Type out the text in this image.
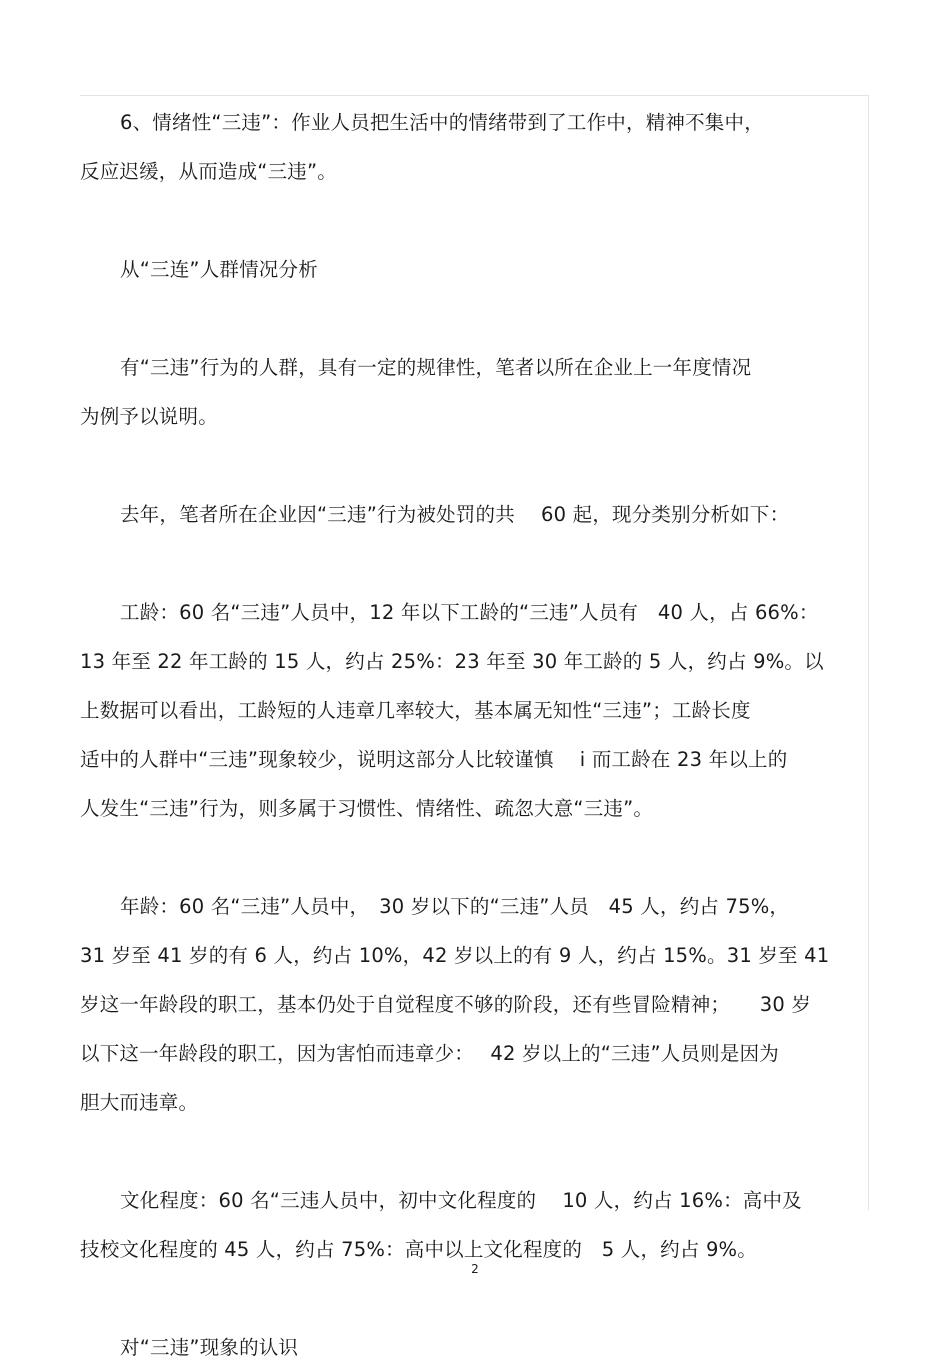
6、情绪性“三违”：作业人员把生活中的情绪带到了工作中，精神不集中，
反应迟缓，从而造成“三违”。
从“三连”人群情况分析
有“三违”行为的人群，具有一定的规律性，笔者以所在企业上一年度情况
为例予以说明。
去年，笔者所在企业因“三违”行为被处罚的共　 60 起，现分类别分析如下：
工龄：60 名“三违”人员中，12 年以下工龄的“三违”人员有　40 人，占 66%：
13 年至 22 年工龄的 15 人，约占 25%：23 年至 30 年工龄的 5 人，约占 9%。以
上数据可以看出，工龄短的人违章几率较大，基本属无知性“三违”；工龄长度
适中的人群中“三违”现象较少，说明这部分人比较谨慎　 i 而工龄在 23 年以上的
人发生“三违”行为，则多属于习惯性、情绪性、疏忽大意“三违”。
年龄：60 名“三违”人员中，　30 岁以下的“三违”人员　45 人，约占 75%，
31 岁至 41 岁的有 6 人，约占 10%，42 岁以上的有 9 人，约占 15%。31 岁至 41
岁这一年龄段的职工，基本仍处于自觉程度不够的阶段，还有些冒险精神；　　30 岁
以下这一年龄段的职工，因为害怕而违章少：　 42 岁以上的“三违”人员则是因为
胆大而违章。
文化程度：60 名“三违人员中，初中文化程度的　 10 人，约占 16%：高中及
技校文化程度的 45 人，约占 75%：高中以上文化程度的　5 人，约占 9%。
对“三违”现象的认识
2
